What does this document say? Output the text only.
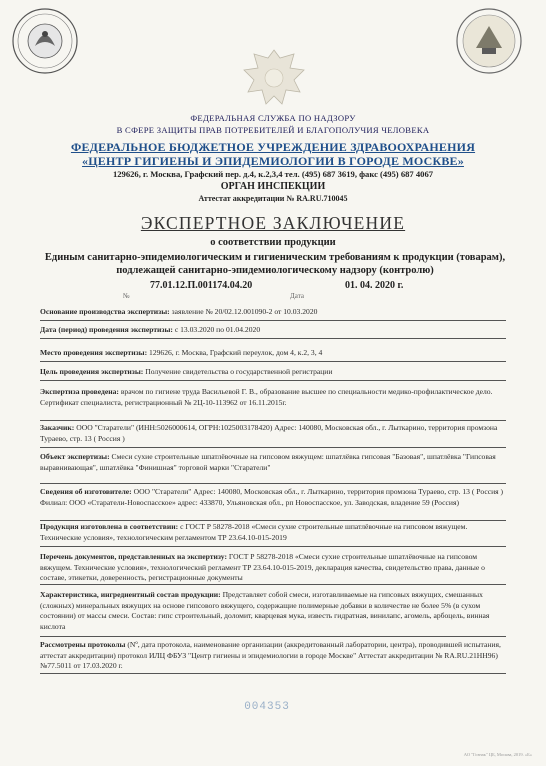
ФЕДЕРАЛЬНАЯ СЛУЖБА ПО НАДЗОРУ
В СФЕРЕ ЗАЩИТЫ ПРАВ ПОТРЕБИТЕЛЕЙ И БЛАГОПОЛУЧИЯ ЧЕЛОВЕКА
ФЕДЕРАЛЬНОЕ БЮДЖЕТНОЕ УЧРЕЖДЕНИЕ ЗДРАВООХРАНЕНИЯ
«ЦЕНТР ГИГИЕНЫ И ЭПИДЕМИОЛОГИИ В ГОРОДЕ МОСКВЕ»
129626, г. Москва, Графский пер. д.4, к.2,3,4 тел. (495) 687 3619, факс (495) 687 4067
ОРГАН ИНСПЕКЦИИ
Аттестат аккредитации № RA.RU.710045
ЭКСПЕРТНОЕ ЗАКЛЮЧЕНИЕ
о соответствии продукции
Единым санитарно-эпидемиологическим и гигиеническим требованиям к продукции (товарам), подлежащей санитарно-эпидемиологическому надзору (контролю)
77.01.12.П.001174.04.20	01. 04. 2020 г.
№	Дата
Основание производства экспертизы: заявление № 20/02.12.001090-2 от 10.03.2020
Дата (период) проведения экспертизы: с 13.03.2020 по 01.04.2020
Место проведения экспертизы: 129626, г. Москва, Графский переулок, дом 4, к.2, 3, 4
Цель проведения экспертизы: Получение свидетельства о государственной регистрации
Экспертиза проведена: врачом по гигиене труда Васильевой Г. В., образование высшее по специальности медико-профилактическое дело. Сертификат специалиста, регистрационный № 2Ц-10-113962 от 16.11.2015г.
Заказчик: ООО "Старатели" (ИНН:5026000614, ОГРН:1025003178420) Адрес: 140080, Московская обл., г. Лыткарино, территория промзона Тураево, стр. 13 ( Россия )
Объект экспертизы: Смеси сухие строительные шпатлёвочные на гипсовом вяжущем: шпатлёвка гипсовая "Базовая", шпатлёвка "Гипсовая выравнивающая", шпатлёвка "Финишная" торговой марки "Старатели"
Сведения об изготовителе: ООО "Старатели" Адрес: 140080, Московская обл., г. Лыткарино, территория промзона Тураево, стр. 13 ( Россия ) Филиал: ООО «Старатели-Новоспасское» адрес: 433870, Ульяновская обл., рп Новоспасское, ул. Заводская, владение 59 (Россия)
Продукция изготовлена в соответствии: с ГОСТ Р 58278-2018 «Смеси сухие строительные шпатлёвочные на гипсовом вяжущем. Технические условия», технологическим регламентом ТР 23.64.10-015-2019
Перечень документов, представленных на экспертизу: ГОСТ Р 58278-2018 «Смеси сухие строительные шпатлёвочные на гипсовом вяжущем. Технические условия», технологический регламент ТР 23.64.10-015-2019, декларация качества, свидетельство права, данные о составе, этикетки, доверенность, регистрационные документы
Характеристика, ингредиентный состав продукции: Представляет собой смеси, изготавливаемые на гипсовых вяжущих, смешанных (сложных) минеральных вяжущих на основе гипсового вяжущего, содержащие полимерные добавки в количестве не более 5% (в сухом состоянии) от массы смеси. Состав: гипс строительный, доломит, кварцевая мука, известь гидратная, винилапс, агомель, арбоцель, винная кислота
Рассмотрены протоколы (Nº, дата протокола, наименование организации (аккредитованный лаборатории, центра), проводившей испытания, аттестат аккредитации) протокол ИЛЦ ФБУЗ "Центр гигиены и эпидемиологии в городе Москве" Аттестат аккредитации № RA.RU.21НН96) №77.5011 от 17.03.2020 г.
004353
АО "Гознак" ЦБ, Москва, 2019. «Б»
